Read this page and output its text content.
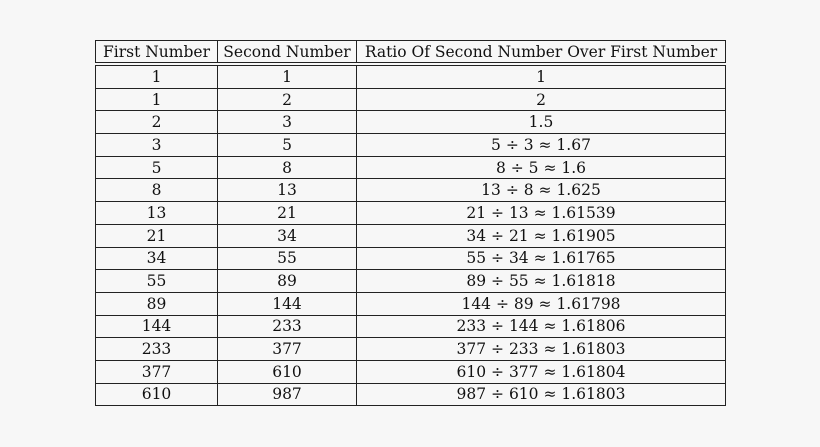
First Number	Second Number	Ratio Of Second Number Over First Number

1	1	1
1	2	2
2	3	1.5
3	5	5 ÷ 3 ≈ 1.67
5	8	8 ÷ 5 ≈ 1.6
8	13	13 ÷ 8 ≈ 1.625
13	21	21 ÷ 13 ≈ 1.61539
21	34	34 ÷ 21 ≈ 1.61905
34	55	55 ÷ 34 ≈ 1.61765
55	89	89 ÷ 55 ≈ 1.61818
89	144	144 ÷ 89 ≈ 1.61798
144	233	233 ÷ 144 ≈ 1.61806
233	377	377 ÷ 233 ≈ 1.61803
377	610	610 ÷ 377 ≈ 1.61804
610	987	987 ÷ 610 ≈ 1.61803
